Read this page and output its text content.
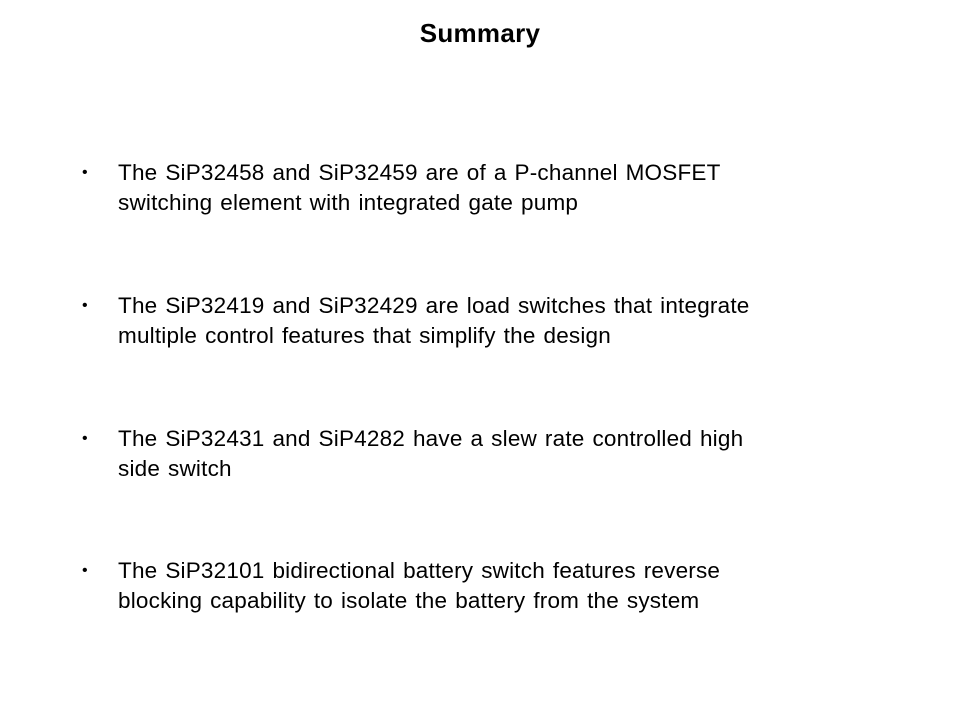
Summary
•	The SiP32458 and SiP32459 are of a P-channel MOSFET
switching element with integrated gate pump
•	The SiP32419 and SiP32429 are load switches that integrate
multiple control features that simplify the design
•	The SiP32431 and SiP4282 have a slew rate controlled high
side switch
•	The SiP32101 bidirectional battery switch features reverse
blocking capability to isolate the battery from the system
